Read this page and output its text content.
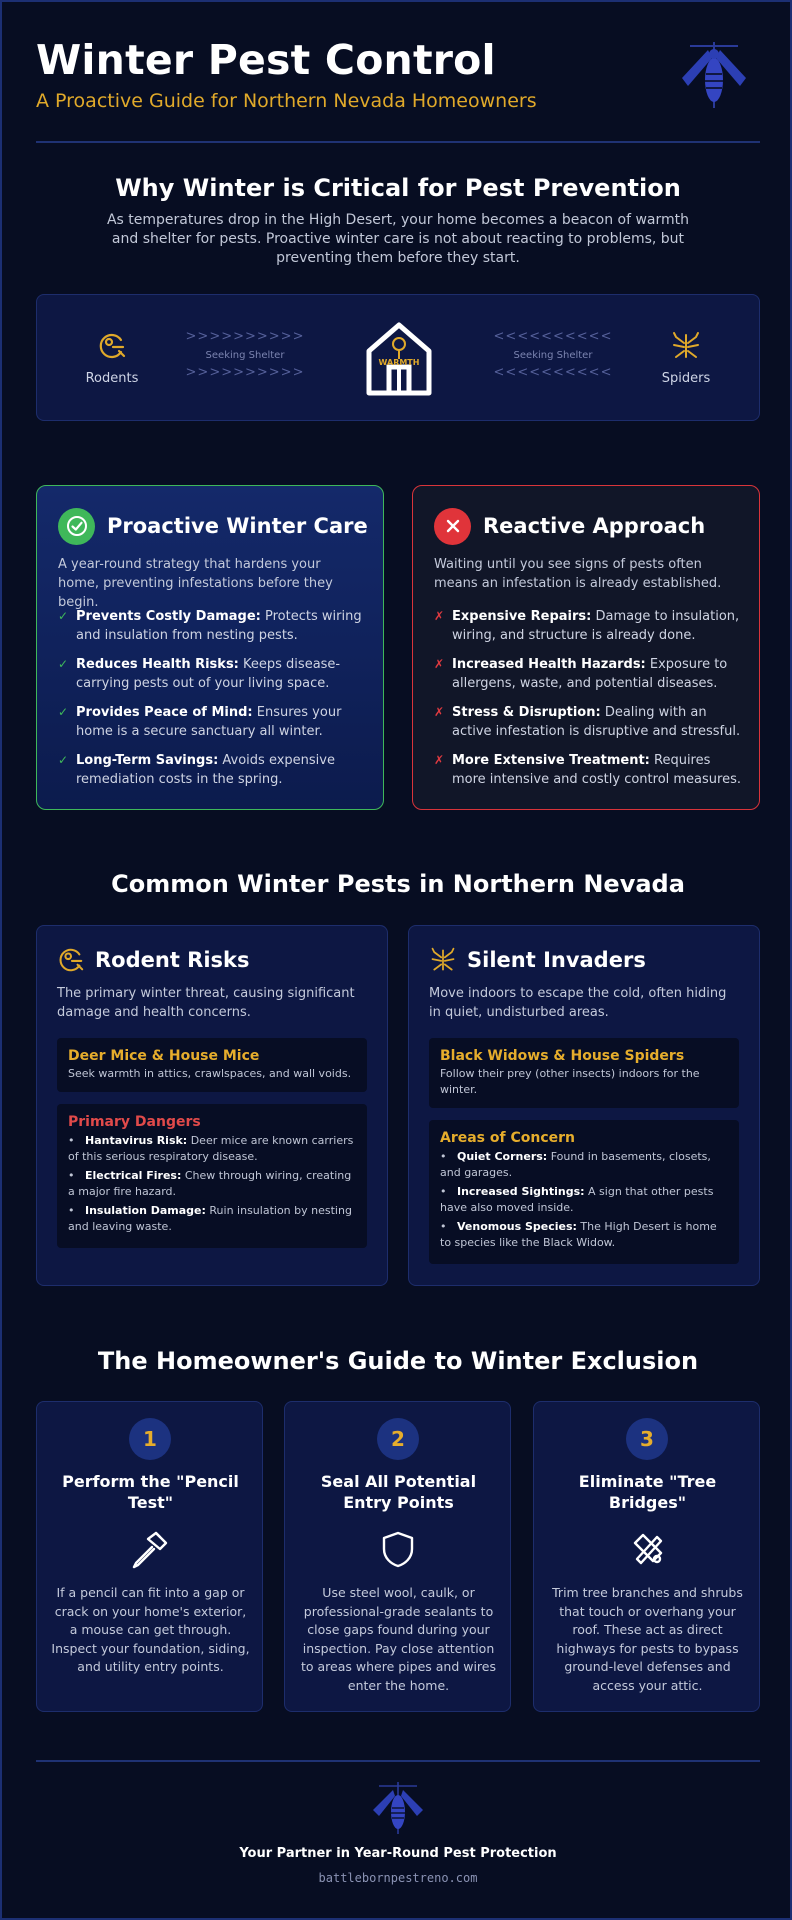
Winter Pest Control
A Proactive Guide for Northern Nevada Homeowners
Why Winter is Critical for Pest Prevention
As temperatures drop in the High Desert, your home becomes a beacon of warmth and shelter for pests. Proactive winter care is not about reacting to problems, but preventing them before they start.
Rodents
>>>>>>>>>>
Seeking Shelter
>>>>>>>>>>
WARMTH
<<<<<<<<<<
Seeking Shelter
<<<<<<<<<<	Spiders
Proactive Winter Care
A year-round strategy that hardens your home, preventing infestations before they begin.
✓ Prevents Costly Damage: Protects wiring and insulation from nesting pests.
✓ Reduces Health Risks: Keeps disease-carrying pests out of your living space.
✓ Provides Peace of Mind: Ensures your home is a secure sanctuary all winter.
✓ Long-Term Savings: Avoids expensive remediation costs in the spring.
Reactive Approach
Waiting until you see signs of pests often means an infestation is already established.
✗ Expensive Repairs: Damage to insulation, wiring, and structure is already done.
✗ Increased Health Hazards: Exposure to allergens, waste, and potential diseases.
✗ Stress & Disruption: Dealing with an active infestation is disruptive and stressful.
✗ More Extensive Treatment: Requires more intensive and costly control measures.
Common Winter Pests in Northern Nevada
Rodent Risks
The primary winter threat, causing significant damage and health concerns.
Deer Mice & House Mice
Seek warmth in attics, crawlspaces, and wall voids.
Primary Dangers
•   Hantavirus Risk: Deer mice are known carriers of this serious respiratory disease.
•   Electrical Fires: Chew through wiring, creating a major fire hazard.
•   Insulation Damage: Ruin insulation by nesting and leaving waste.
Silent Invaders
Move indoors to escape the cold, often hiding in quiet, undisturbed areas.
Black Widows & House Spiders
Follow their prey (other insects) indoors for the winter.
Areas of Concern
•   Quiet Corners: Found in basements, closets, and garages.
•   Increased Sightings: A sign that other pests have also moved inside.
•   Venomous Species: The High Desert is home to species like the Black Widow.
The Homeowner's Guide to Winter Exclusion
1
Perform the "Pencil Test"
If a pencil can fit into a gap or crack on your home's exterior, a mouse can get through. Inspect your foundation, siding, and utility entry points.
2
Seal All Potential Entry Points
Use steel wool, caulk, or professional-grade sealants to close gaps found during your inspection. Pay close attention to areas where pipes and wires enter the home.
3
Eliminate "Tree Bridges"
Trim tree branches and shrubs that touch or overhang your roof. These act as direct highways for pests to bypass ground-level defenses and access your attic.
Your Partner in Year-Round Pest Protection
battlebornpestreno.com
